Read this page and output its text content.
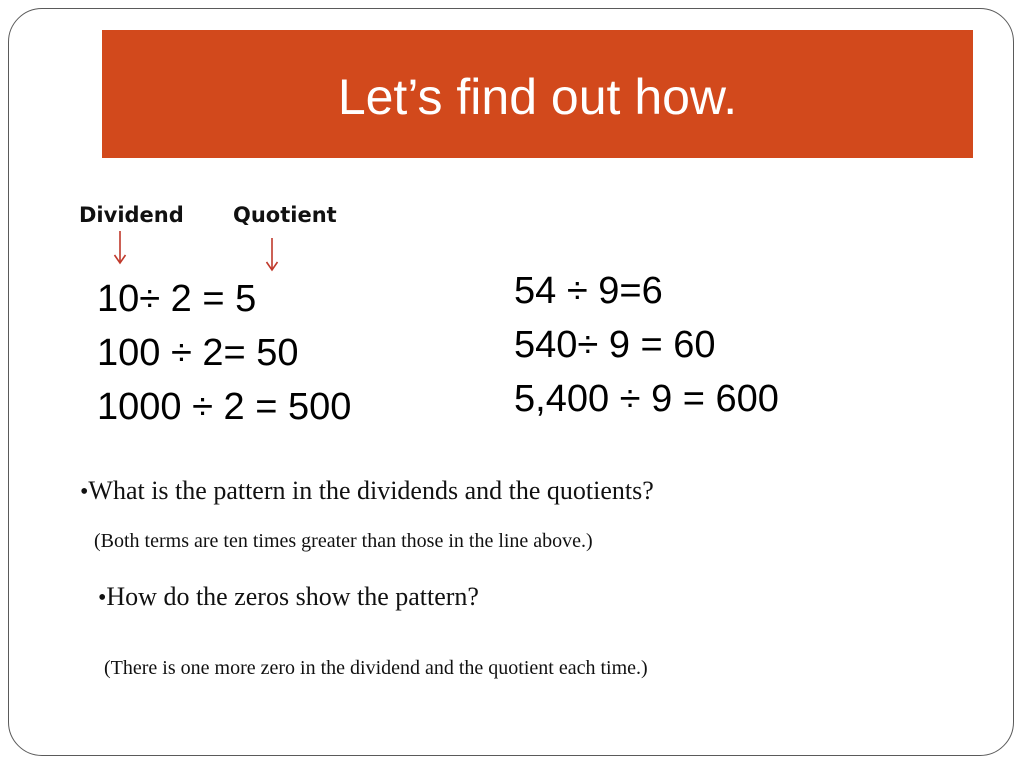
Let’s find out how.
Dividend Quotient
10÷ 2 = 5
100 ÷ 2= 50
1000 ÷ 2 = 500
54 ÷ 9=6
540÷ 9 = 60
5,400 ÷ 9 = 600
•What is the pattern in the dividends and the quotients?
(Both terms are ten times greater than those in the line above.)
•How do the zeros show the pattern?
(There is one more zero in the dividend and the quotient each time.)
